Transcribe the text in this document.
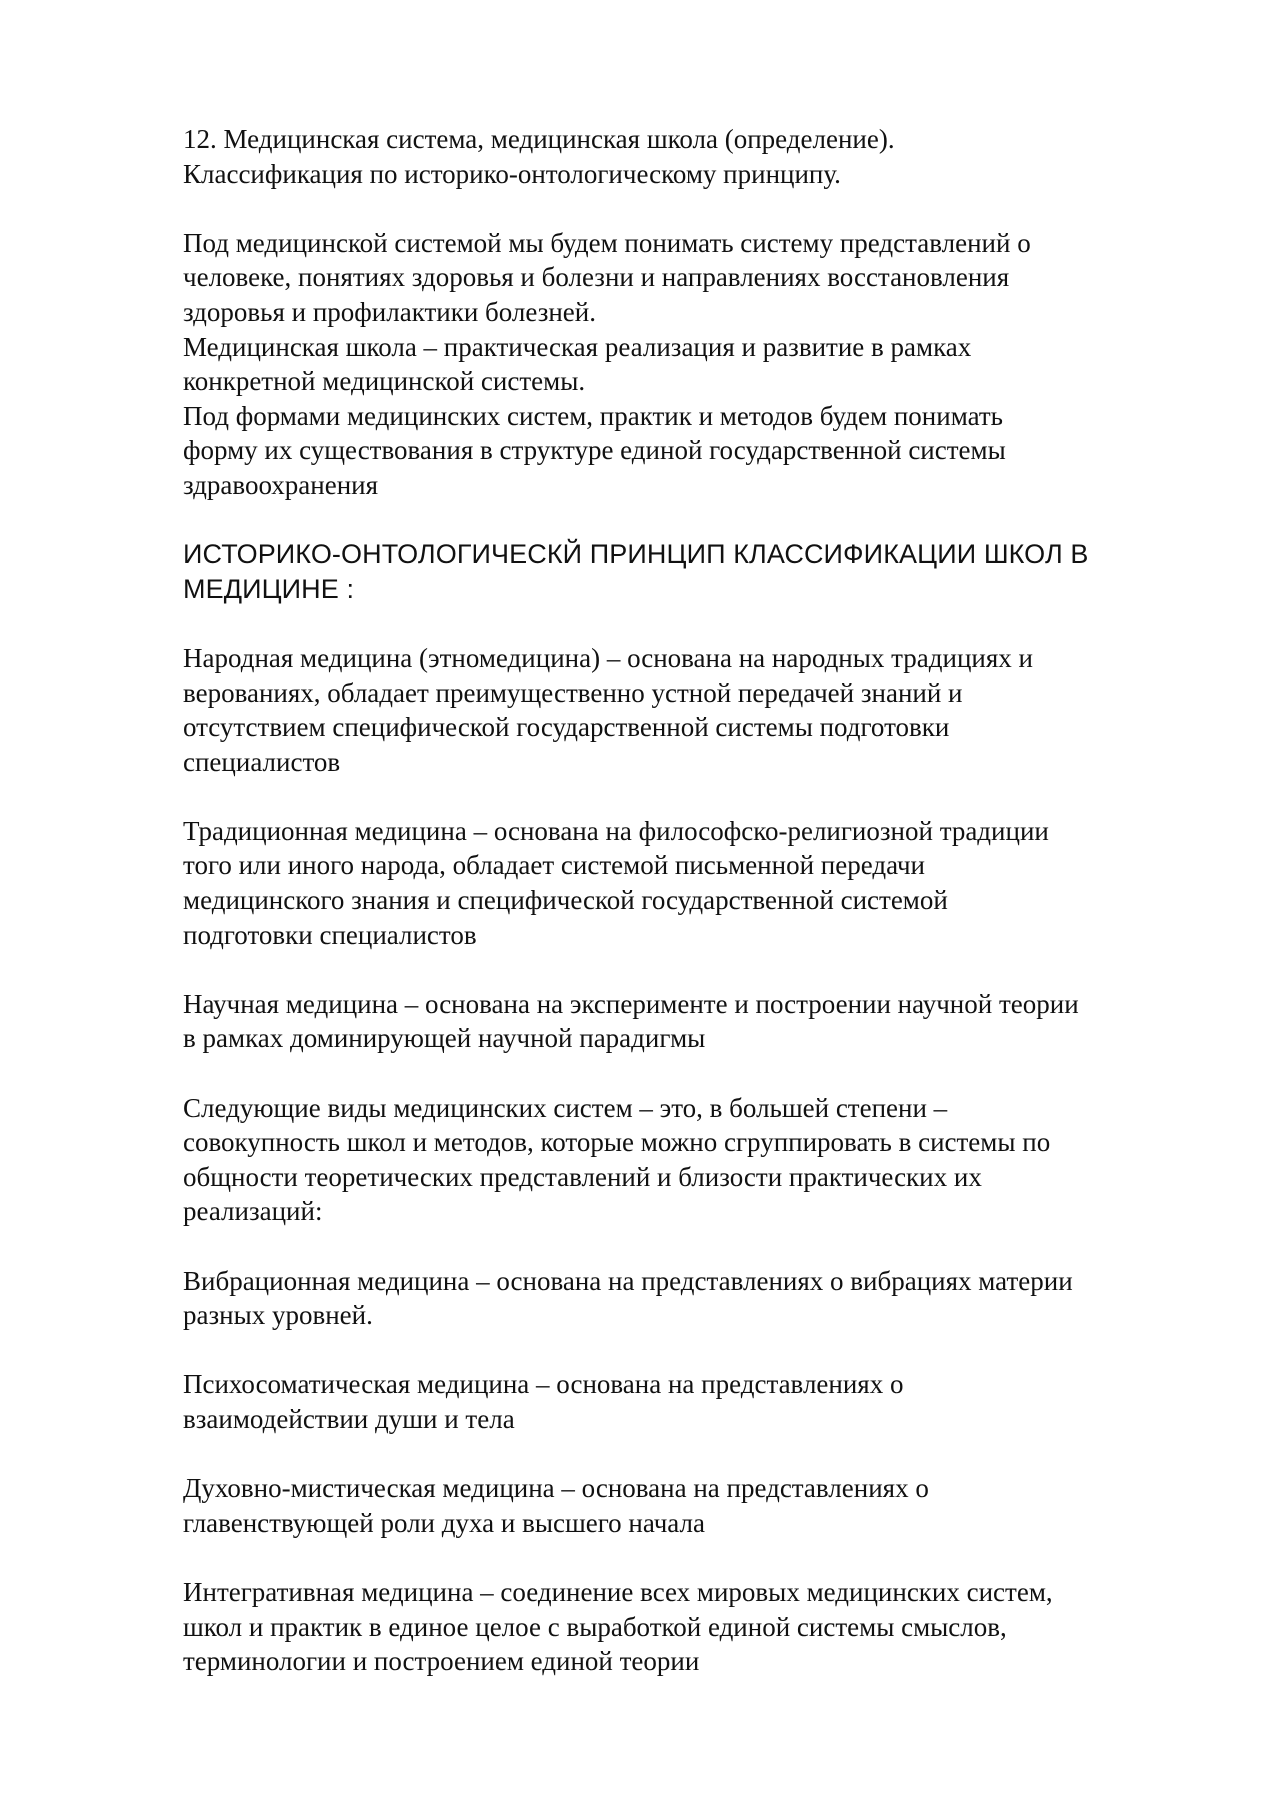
12. Медицинская система, медицинская школа (определение).
Классификация по историко-онтологическому принципу.

Под медицинской системой мы будем понимать систему представлений о
человеке, понятиях здоровья и болезни и направлениях восстановления
здоровья и профилактики болезней.

Медицинская школа – практическая реализация и развитие в рамках
конкретной медицинской системы.

Под формами медицинских систем, практик и методов будем понимать
форму их существования в структуре единой государственной системы
здравоохранения

ИСТОРИКО-ОНТОЛОГИЧЕСКЙ ПРИНЦИП КЛАССИФИКАЦИИ ШКОЛ В
МЕДИЦИНЕ :

Народная медицина (этномедицина) – основана на народных традициях и
верованиях, обладает преимущественно устной передачей знаний и
отсутствием специфической государственной системы подготовки
специалистов

Традиционная медицина – основана на философско-религиозной традиции
того или иного народа, обладает системой письменной передачи
медицинского знания и специфической государственной системой
подготовки специалистов

Научная медицина – основана на эксперименте и построении научной теории
в рамках доминирующей научной парадигмы

Следующие виды медицинских систем – это, в большей степени –
совокупность школ и методов, которые можно сгруппировать в системы по
общности теоретических представлений и близости практических их
реализаций:

Вибрационная медицина – основана на представлениях о вибрациях материи
разных уровней.

Психосоматическая медицина – основана на представлениях о
взаимодействии души и тела

Духовно-мистическая медицина – основана на представлениях о
главенствующей роли духа и высшего начала

Интегративная медицина – соединение всех мировых медицинских систем,
школ и практик в единое целое с выработкой единой системы смыслов,
терминологии и построением единой теории
